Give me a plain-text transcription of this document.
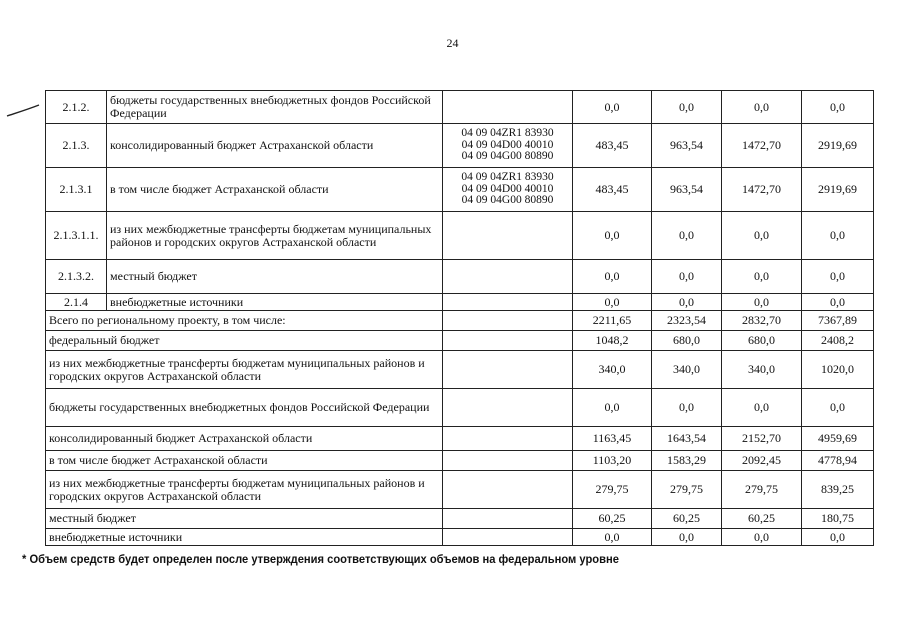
24
2.1.2.	бюджеты государственных внебюджетных фондов Российской Федерации		0,0	0,0	0,0	0,0
2.1.3.	консолидированный бюджет Астраханской области	04 09 04ZR1 83930
04 09 04D00 40010
04 09 04G00 80890	483,45	963,54	1472,70	2919,69
2.1.3.1	в том числе бюджет Астраханской области	04 09 04ZR1 83930
04 09 04D00 40010
04 09 04G00 80890	483,45	963,54	1472,70	2919,69
2.1.3.1.1.	из них межбюджетные трансферты бюджетам муниципальных районов и городских округов Астраханской области		0,0	0,0	0,0	0,0
2.1.3.2.	местный бюджет		0,0	0,0	0,0	0,0
2.1.4	внебюджетные источники		0,0	0,0	0,0	0,0
Всего по региональному проекту, в том числе:			2211,65	2323,54	2832,70	7367,89
федеральный бюджет			1048,2	680,0	680,0	2408,2
из них межбюджетные трансферты бюджетам муниципальных районов и городских округов Астраханской области			340,0	340,0	340,0	1020,0
бюджеты государственных внебюджетных фондов Российской Федерации			0,0	0,0	0,0	0,0
консолидированный бюджет Астраханской области			1163,45	1643,54	2152,70	4959,69
в том числе бюджет Астраханской области			1103,20	1583,29	2092,45	4778,94
из них межбюджетные трансферты бюджетам муниципальных районов и городских округов Астраханской области			279,75	279,75	279,75	839,25
местный бюджет			60,25	60,25	60,25	180,75
внебюджетные источники			0,0	0,0	0,0	0,0
* Объем средств будет определен после утверждения соответствующих объемов на федеральном уровне
